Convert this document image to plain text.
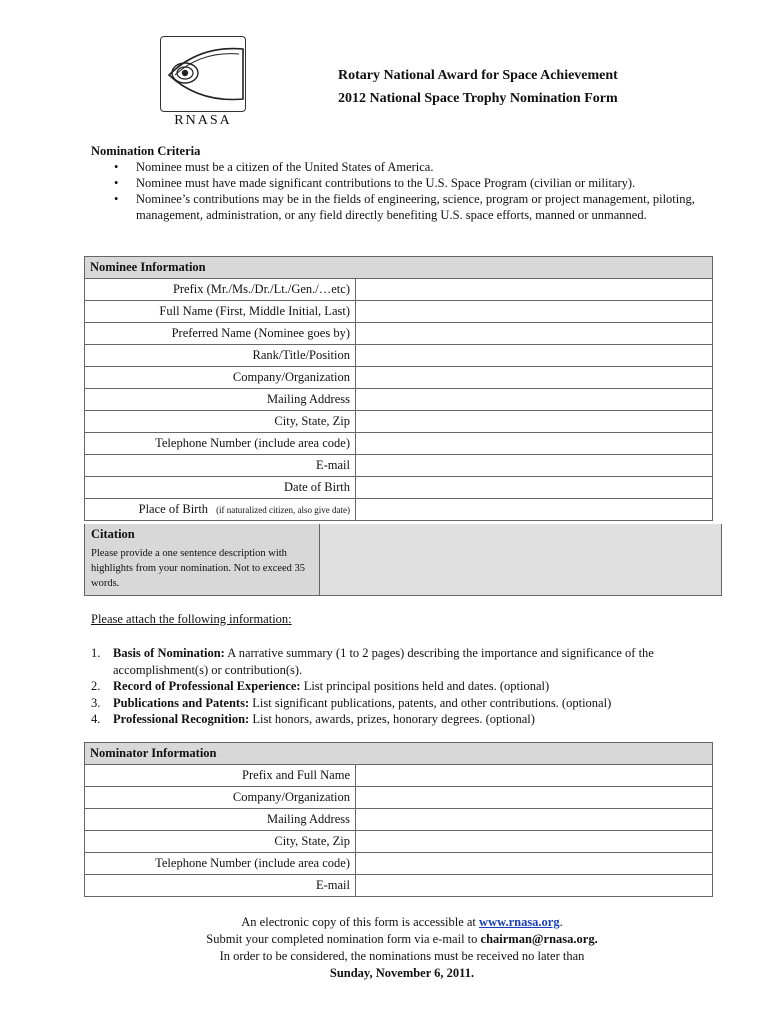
RNASA
Rotary National Award for Space Achievement
2012 National Space Trophy Nomination Form
Nomination Criteria
• Nominee must be a citizen of the United States of America.
• Nominee must have made significant contributions to the U.S. Space Program (civilian or military).
• Nominee’s contributions may be in the fields of engineering, science, program or project management, piloting, management, administration, or any field directly benefiting U.S. space efforts, manned or unmanned.
Nominee Information	
Prefix (Mr./Ms./Dr./Lt./Gen./…etc)	
Full Name (First, Middle Initial, Last)	
Preferred Name (Nominee goes by)	
Rank/Title/Position	
Company/Organization	
Mailing Address	
City, State, Zip	
Telephone Number (include area code)	
E-mail	
Date of Birth	
Place of Birth (if naturalized citizen, also give date)	
Citation
Please provide a one sentence description with highlights from your nomination. Not to exceed 35 words.
Please attach the following information:
1. Basis of Nomination: A narrative summary (1 to 2 pages) describing the importance and significance of the accomplishment(s) or contribution(s).
2. Record of Professional Experience: List principal positions held and dates. (optional)
3. Publications and Patents: List significant publications, patents, and other contributions. (optional)
4. Professional Recognition: List honors, awards, prizes, honorary degrees. (optional)
Nominator Information	
Prefix and Full Name	
Company/Organization	
Mailing Address	
City, State, Zip	
Telephone Number (include area code)	
E-mail	
An electronic copy of this form is accessible at www.rnasa.org.
Submit your completed nomination form via e-mail to chairman@rnasa.org.
In order to be considered, the nominations must be received no later than
Sunday, November 6, 2011.
